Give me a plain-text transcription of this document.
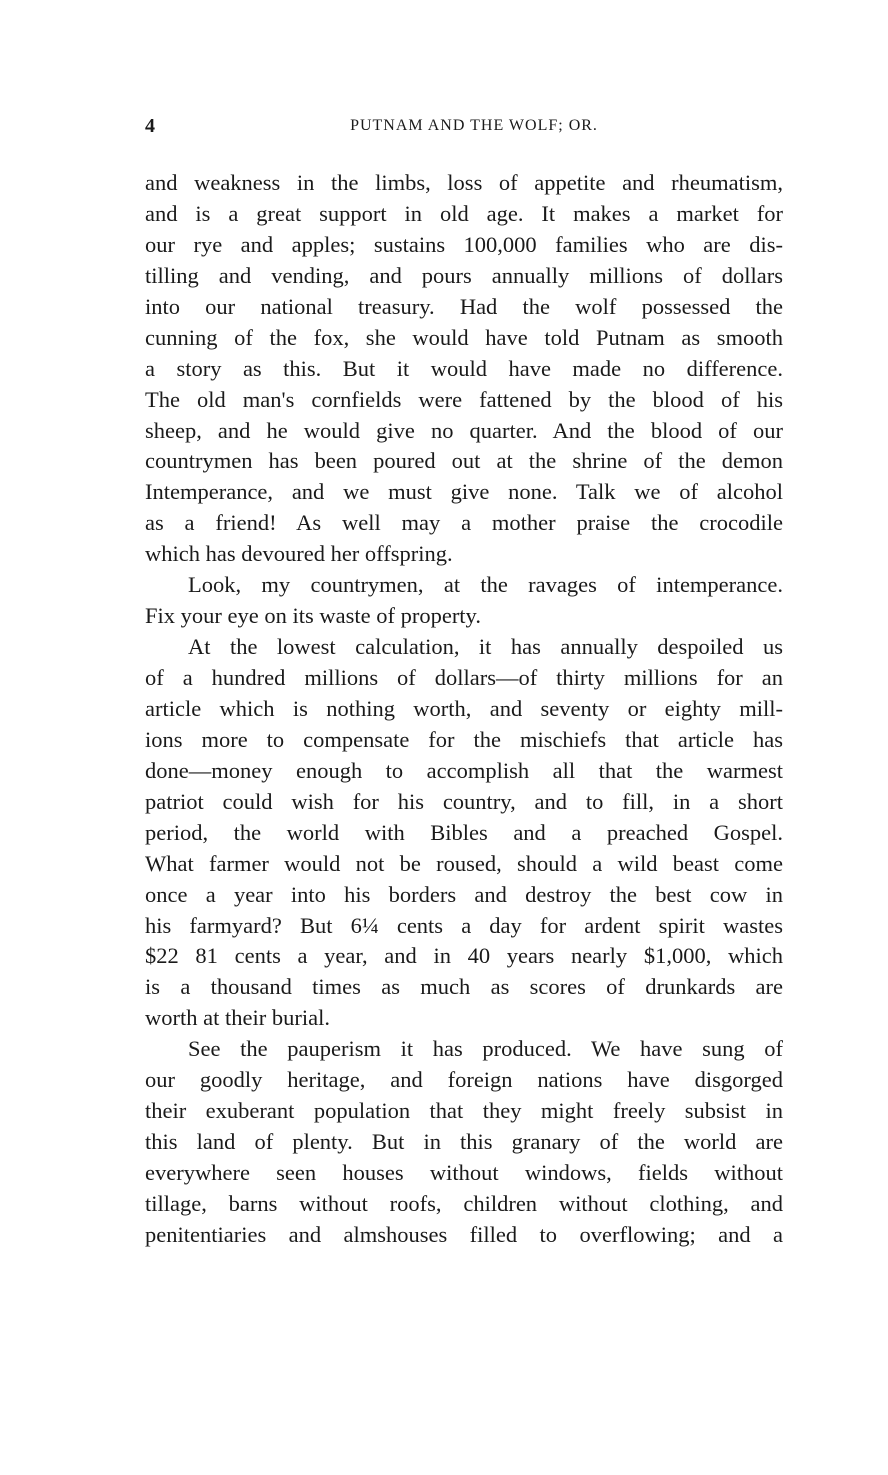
4	PUTNAM AND THE WOLF; OR.
and weakness in the limbs, loss of appetite and rheumatism,
and is a great support in old age. It makes a market for
our rye and apples; sustains 100,000 families who are dis-
tilling and vending, and pours annually millions of dollars
into our national treasury. Had the wolf possessed the
cunning of the fox, she would have told Putnam as smooth
a story as this. But it would have made no difference.
The old man's cornfields were fattened by the blood of his
sheep, and he would give no quarter. And the blood of our
countrymen has been poured out at the shrine of the demon
Intemperance, and we must give none. Talk we of alcohol
as a friend! As well may a mother praise the crocodile
which has devoured her offspring.
Look, my countrymen, at the ravages of intemperance.
Fix your eye on its waste of property.
At the lowest calculation, it has annually despoiled us
of a hundred millions of dollars—of thirty millions for an
article which is nothing worth, and seventy or eighty mill-
ions more to compensate for the mischiefs that article has
done—money enough to accomplish all that the warmest
patriot could wish for his country, and to fill, in a short
period, the world with Bibles and a preached Gospel.
What farmer would not be roused, should a wild beast come
once a year into his borders and destroy the best cow in
his farmyard? But 6¼ cents a day for ardent spirit wastes
$22 81 cents a year, and in 40 years nearly $1,000, which
is a thousand times as much as scores of drunkards are
worth at their burial.
See the pauperism it has produced. We have sung of
our goodly heritage, and foreign nations have disgorged
their exuberant population that they might freely subsist in
this land of plenty. But in this granary of the world are
everywhere seen houses without windows, fields without
tillage, barns without roofs, children without clothing, and
penitentiaries and almshouses filled to overflowing; and a
